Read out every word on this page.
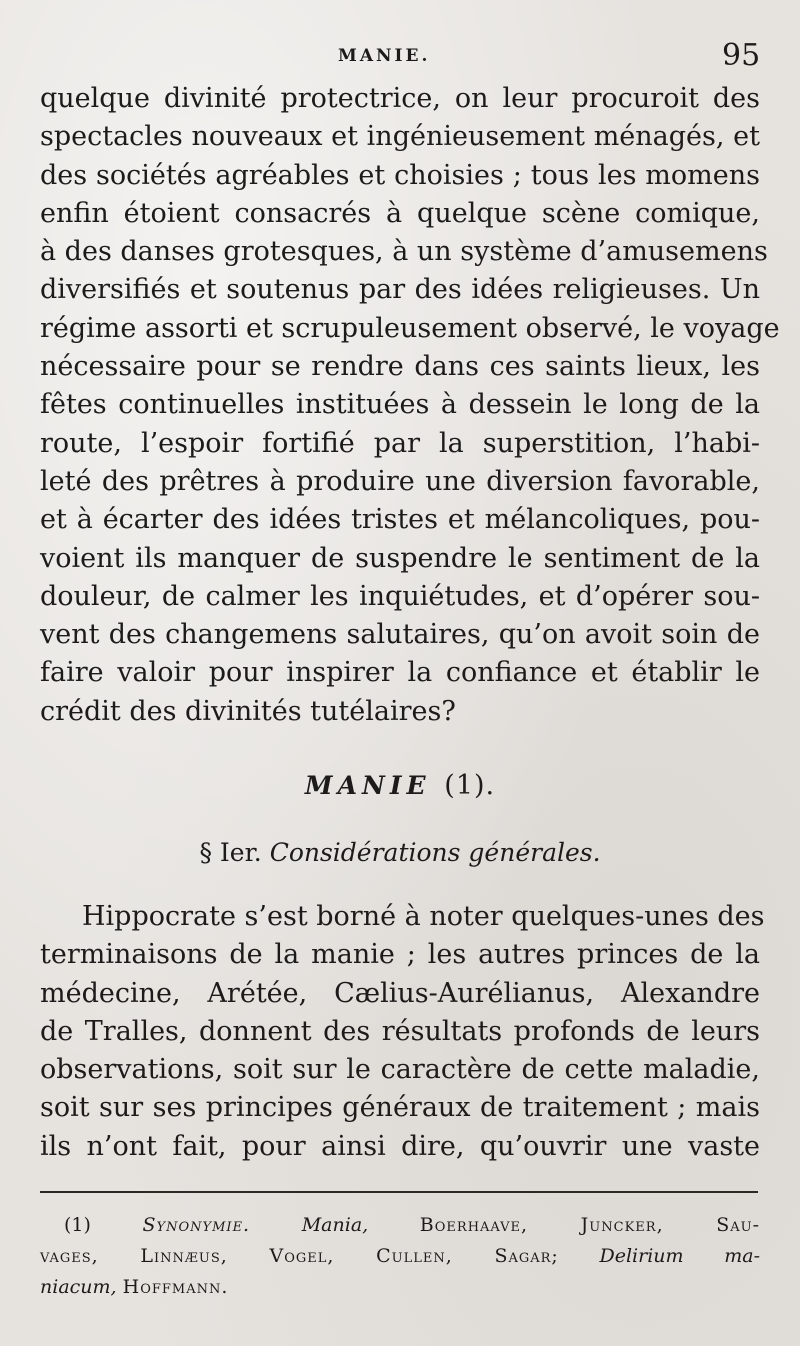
MANIE.	95
quelque divinité protectrice, on leur procuroit des
spectacles nouveaux et ingénieusement ménagés, et
des sociétés agréables et choisies ; tous les momens
enfin étoient consacrés à quelque scène comique,
à des danses grotesques, à un système d’amusemens
diversifiés et soutenus par des idées religieuses. Un
régime assorti et scrupuleusement observé, le voyage
nécessaire pour se rendre dans ces saints lieux, les
fêtes continuelles instituées à dessein le long de la
route, l’espoir fortifié par la superstition, l’habi-
leté des prêtres à produire une diversion favorable,
et à écarter des idées tristes et mélancoliques, pou-
voient ils manquer de suspendre le sentiment de la
douleur, de calmer les inquiétudes, et d’opérer sou-
vent des changemens salutaires, qu’on avoit soin de
faire valoir pour inspirer la confiance et établir le
crédit des divinités tutélaires?
MANIE (1).
§ Ier. Considérations générales.
Hippocrate s’est borné à noter quelques-unes des
terminaisons de la manie ; les autres princes de la
médecine, Arétée, Cælius-Aurélianus, Alexandre
de Tralles, donnent des résultats profonds de leurs
observations, soit sur le caractère de cette maladie,
soit sur ses principes généraux de traitement ; mais
ils n’ont fait, pour ainsi dire, qu’ouvrir une vaste
(1)	Synonymie.	Mania,	Boerhaave, Juncker, Sau-
vages, Linnæus, Vogel, Cullen, Sagar; Delirium ma-
niacum, Hoffmann.
